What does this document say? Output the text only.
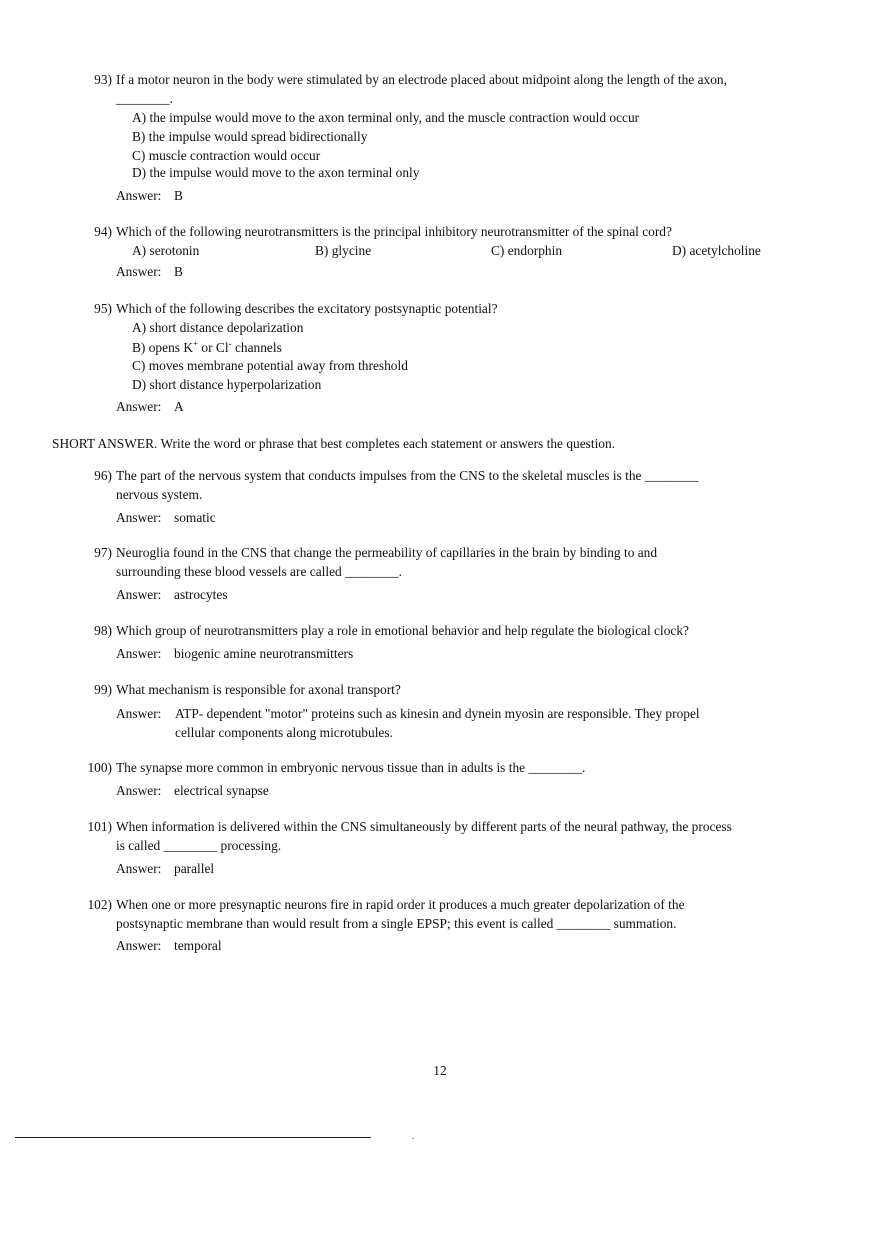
93) If a motor neuron in the body were stimulated by an electrode placed about midpoint along the length of the axon, ________.
A) the impulse would move to the axon terminal only, and the muscle contraction would occur
B) the impulse would spread bidirectionally
C) muscle contraction would occur
D) the impulse would move to the axon terminal only
Answer: B
94) Which of the following neurotransmitters is the principal inhibitory neurotransmitter of the spinal cord?
A) serotonin	B) glycine	C) endorphin	D) acetylcholine
Answer: B
95) Which of the following describes the excitatory postsynaptic potential?
A) short distance depolarization
B) opens K+ or Cl- channels
C) moves membrane potential away from threshold
D) short distance hyperpolarization
Answer: A
SHORT ANSWER. Write the word or phrase that best completes each statement or answers the question.
96) The part of the nervous system that conducts impulses from the CNS to the skeletal muscles is the ________ nervous system.
Answer: somatic
97) Neuroglia found in the CNS that change the permeability of capillaries in the brain by binding to and surrounding these blood vessels are called ________.
Answer: astrocytes
98) Which group of neurotransmitters play a role in emotional behavior and help regulate the biological clock?
Answer: biogenic amine neurotransmitters
99) What mechanism is responsible for axonal transport?
Answer: ATP- dependent "motor" proteins such as kinesin and dynein myosin are responsible. They propel cellular components along microtubules.
100) The synapse more common in embryonic nervous tissue than in adults is the ________.
Answer: electrical synapse
101) When information is delivered within the CNS simultaneously by different parts of the neural pathway, the process is called ________ processing.
Answer: parallel
102) When one or more presynaptic neurons fire in rapid order it produces a much greater depolarization of the postsynaptic membrane than would result from a single EPSP; this event is called ________ summation.
Answer: temporal
12
